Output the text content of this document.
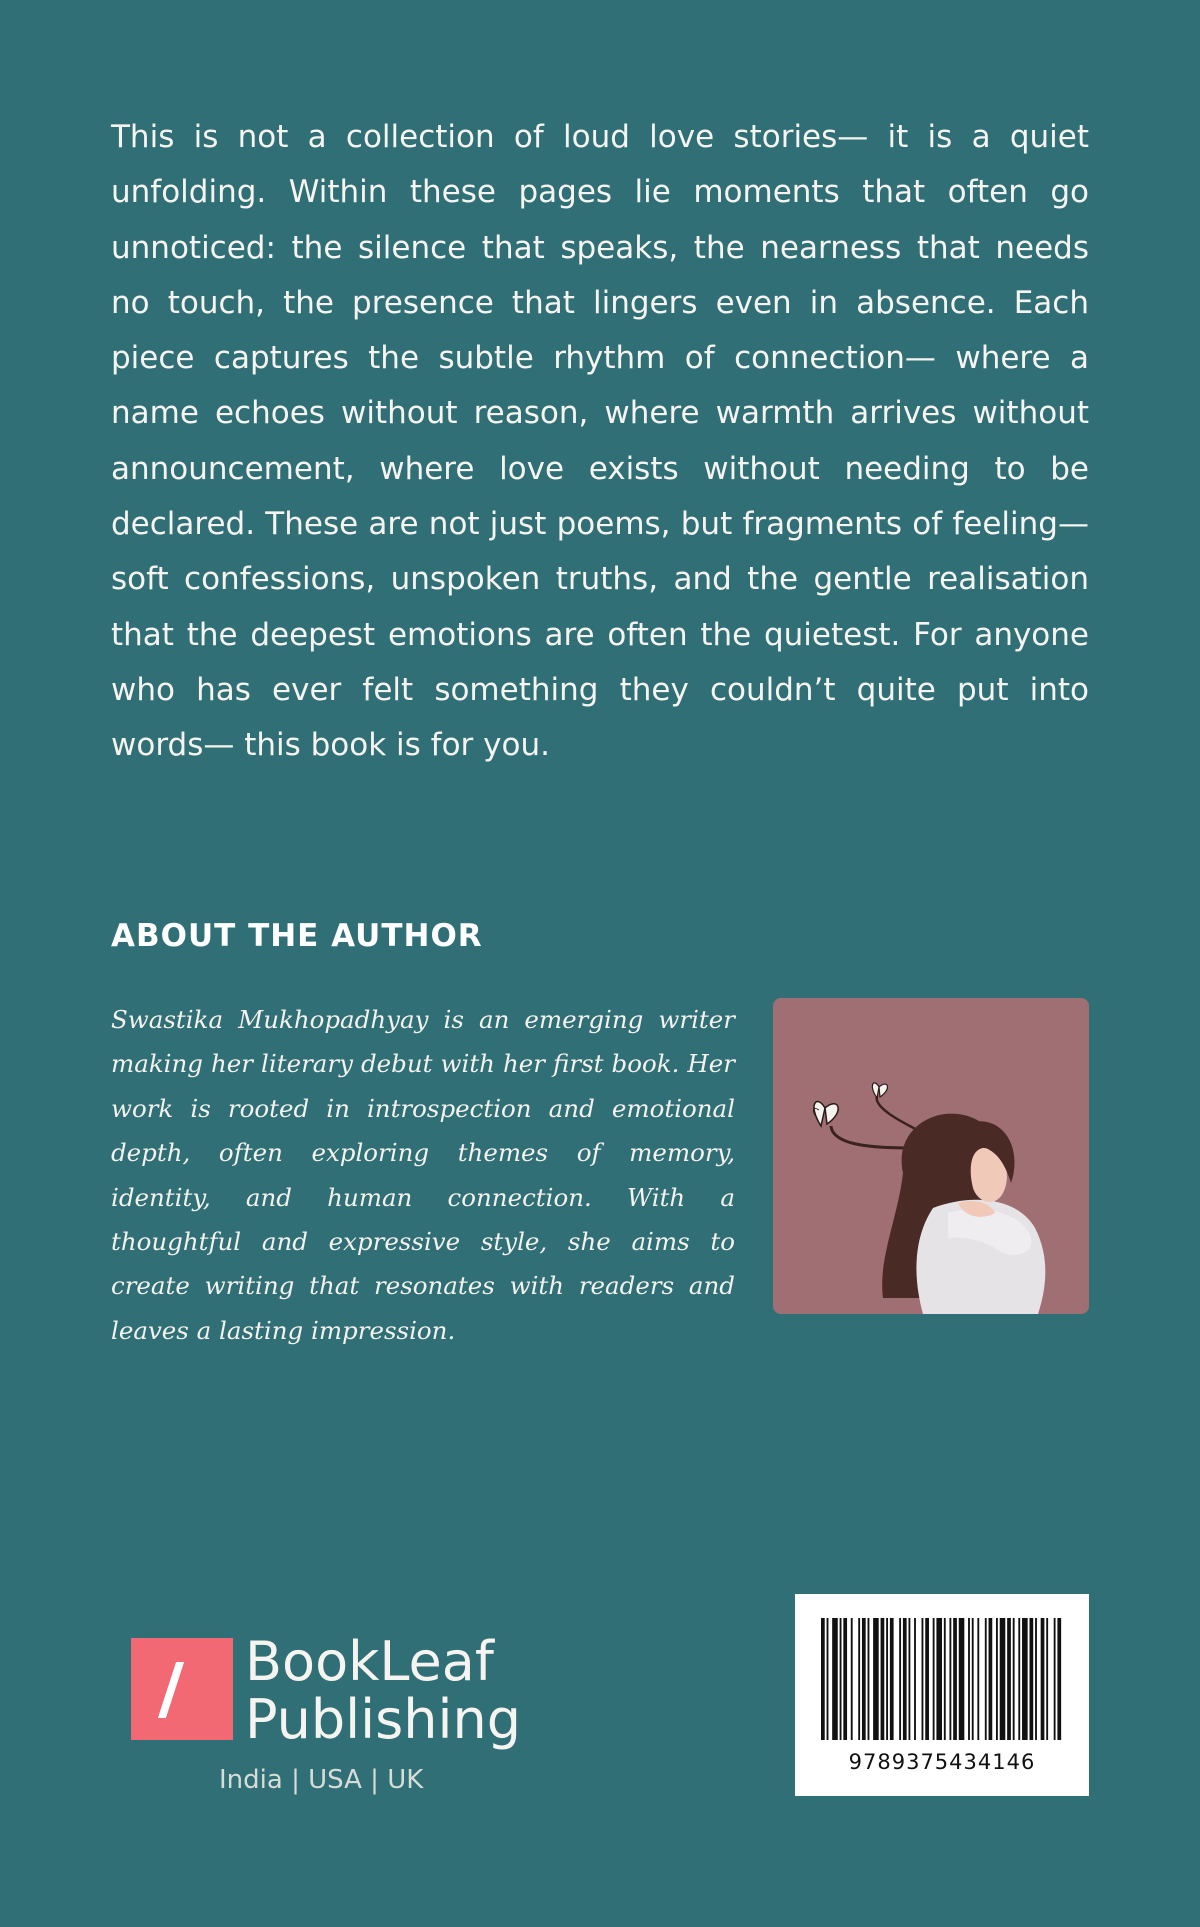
This is not a collection of loud love stories— it is a quiet unfolding. Within these pages lie moments that often go unnoticed: the silence that speaks, the nearness that needs no touch, the presence that lingers even in absence. Each piece captures the subtle rhythm of connection— where a name echoes without reason, where warmth arrives without announcement, where love exists without needing to be declared. These are not just poems, but fragments of feeling— soft confessions, unspoken truths, and the gentle realisation that the deepest emotions are often the quietest. For anyone who has ever felt something they couldn’t quite put into words— this book is for you.

ABOUT THE AUTHOR

Swastika Mukhopadhyay is an emerging writer making her literary debut with her first book. Her work is rooted in introspection and emotional depth, often exploring themes of memory, identity, and human connection. With a thoughtful and expressive style, she aims to create writing that resonates with readers and leaves a lasting impression.

BookLeaf

Publishing

India | USA | UK

9789375434146
